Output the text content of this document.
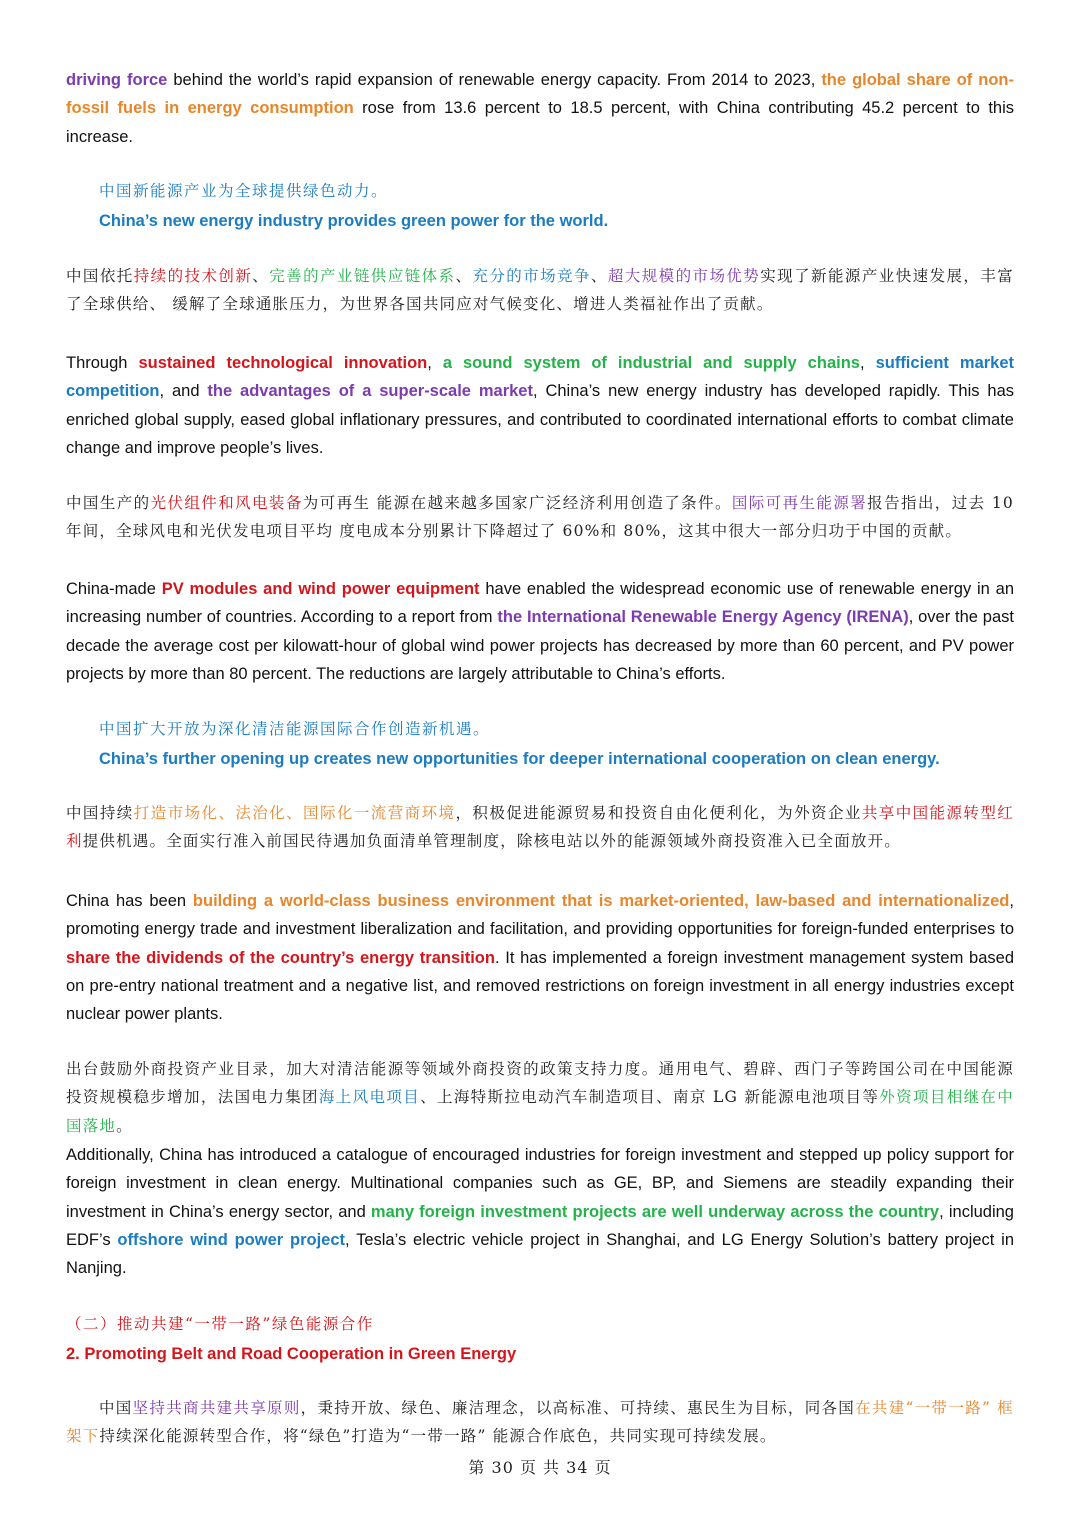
driving force behind the world’s rapid expansion of renewable energy capacity. From 2014 to 2023, the global share of non-fossil fuels in energy consumption rose from 13.6 percent to 18.5 percent, with China contributing 45.2 percent to this increase.

中国新能源产业为全球提供绿色动力。

China’s new energy industry provides green power for the world.

中国依托持续的技术创新、完善的产业链供应链体系、充分的市场竞争、超大规模的市场优势实现了新能源产业快速发展，丰富了全球供给、 缓解了全球通胀压力，为世界各国共同应对气候变化、增进人类福祉作出了贡献。

Through sustained technological innovation, a sound system of industrial and supply chains, sufficient market competition, and the advantages of a super-scale market, China’s new energy industry has developed rapidly. This has enriched global supply, eased global inflationary pressures, and contributed to coordinated international efforts to combat climate change and improve people’s lives.

中国生产的光伏组件和风电装备为可再生 能源在越来越多国家广泛经济利用创造了条件。国际可再生能源署报告指出，过去 10 年间，全球风电和光伏发电项目平均 度电成本分别累计下降超过了 60%和 80%，这其中很大一部分归功于中国的贡献。

China-made PV modules and wind power equipment have enabled the widespread economic use of renewable energy in an increasing number of countries. According to a report from the International Renewable Energy Agency (IRENA), over the past decade the average cost per kilowatt-hour of global wind power projects has decreased by more than 60 percent, and PV power projects by more than 80 percent. The reductions are largely attributable to China’s efforts.

中国扩大开放为深化清洁能源国际合作创造新机遇。

China’s further opening up creates new opportunities for deeper international cooperation on clean energy.

中国持续打造市场化、法治化、国际化一流营商环境，积极促进能源贸易和投资自由化便利化，为外资企业共享中国能源转型红利提供机遇。全面实行准入前国民待遇加负面清单管理制度，除核电站以外的能源领域外商投资准入已全面放开。

China has been building a world-class business environment that is market-oriented, law-based and internationalized, promoting energy trade and investment liberalization and facilitation, and providing opportunities for foreign-funded enterprises to share the dividends of the country’s energy transition. It has implemented a foreign investment management system based on pre-entry national treatment and a negative list, and removed restrictions on foreign investment in all energy industries except nuclear power plants.

出台鼓励外商投资产业目录，加大对清洁能源等领域外商投资的政策支持力度。通用电气、碧辟、西门子等跨国公司在中国能源投资规模稳步增加，法国电力集团海上风电项目、上海特斯拉电动汽车制造项目、南京 LG 新能源电池项目等外资项目相继在中国落地。

Additionally, China has introduced a catalogue of encouraged industries for foreign investment and stepped up policy support for foreign investment in clean energy. Multinational companies such as GE, BP, and Siemens are steadily expanding their investment in China’s energy sector, and many foreign investment projects are well underway across the country, including EDF’s offshore wind power project, Tesla’s electric vehicle project in Shanghai, and LG Energy Solution’s battery project in Nanjing.

（二）推动共建“一带一路”绿色能源合作

2. Promoting Belt and Road Cooperation in Green Energy

中国坚持共商共建共享原则，秉持开放、绿色、廉洁理念，以高标准、可持续、惠民生为目标，同各国在共建“一带一路” 框架下持续深化能源转型合作，将“绿色”打造为“一带一路” 能源合作底色，共同实现可持续发展。

第 30 页 共 34 页
